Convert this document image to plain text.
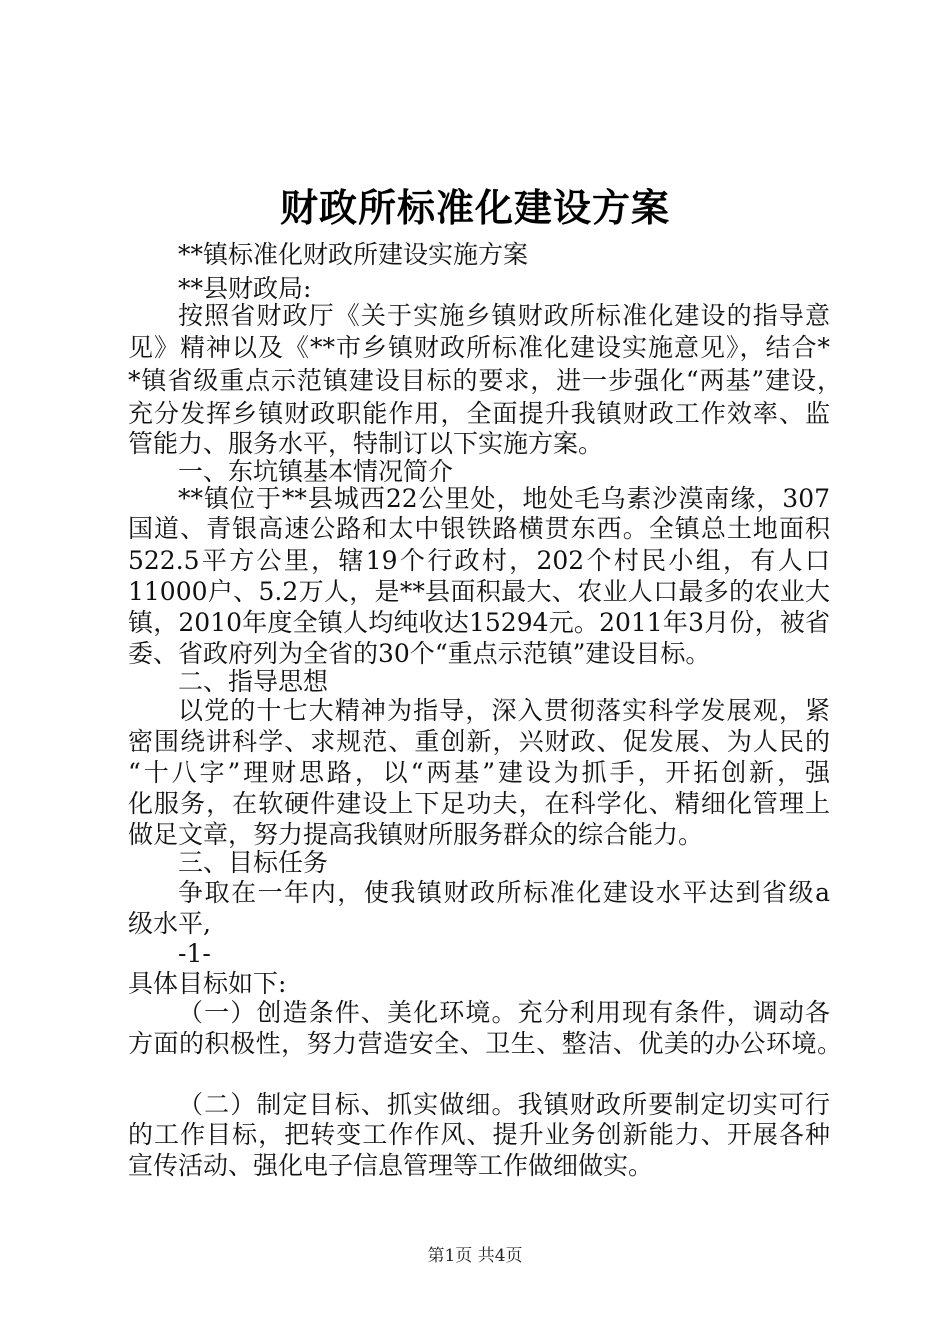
财政所标准化建设方案
**镇标准化财政所建设实施方案
**县财政局:
按照省财政厅《关于实施乡镇财政所标准化建设的指导意
见》精神以及《**市乡镇财政所标准化建设实施意见》，结合*
*镇省级重点示范镇建设目标的要求，进一步强化“两基”建设，
充分发挥乡镇财政职能作用，全面提升我镇财政工作效率、监
管能力、服务水平，特制订以下实施方案。
一、东坑镇基本情况简介
**镇位于**县城西22公里处，地处毛乌素沙漠南缘，307
国道、青银高速公路和太中银铁路横贯东西。全镇总土地面积
522.5平方公里，辖19个行政村，202个村民小组，有人口
11000户、5.2万人，是**县面积最大、农业人口最多的农业大
镇，2010年度全镇人均纯收达15294元。2011年3月份，被省
委、省政府列为全省的30个“重点示范镇”建设目标。
二、指导思想
以党的十七大精神为指导，深入贯彻落实科学发展观，紧
密围绕讲科学、求规范、重创新，兴财政、促发展、为人民的
“十八字”理财思路，以“两基”建设为抓手，开拓创新，强
化服务，在软硬件建设上下足功夫，在科学化、精细化管理上
做足文章，努力提高我镇财所服务群众的综合能力。
三、目标任务
争取在一年内，使我镇财政所标准化建设水平达到省级a
级水平,
-1-
具体目标如下:
（一）创造条件、美化环境。充分利用现有条件，调动各
方面的积极性，努力营造安全、卫生、整洁、优美的办公环境。
（二）制定目标、抓实做细。我镇财政所要制定切实可行
的工作目标，把转变工作作风、提升业务创新能力、开展各种
宣传活动、强化电子信息管理等工作做细做实。
第1页 共4页
